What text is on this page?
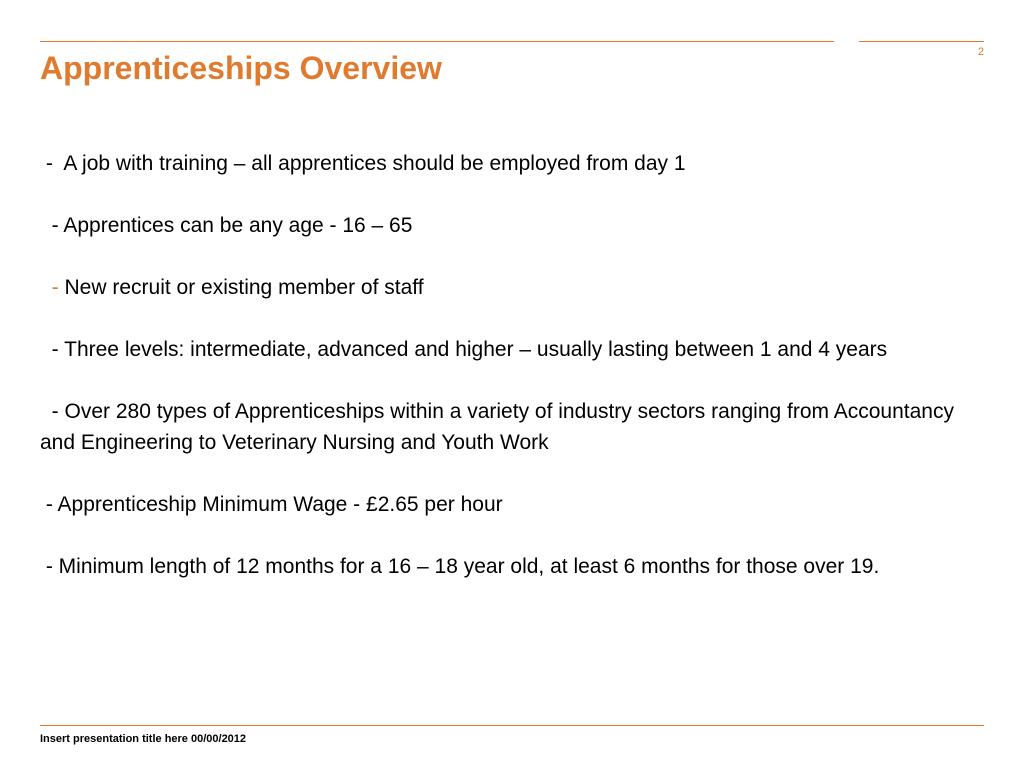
Apprenticeships Overview	2

-  A job with training – all apprentices should be employed from day 1

- Apprentices can be any age - 16 – 65

- New recruit or existing member of staff

- Three levels: intermediate, advanced and higher – usually lasting between 1 and 4 years

- Over 280 types of Apprenticeships within a variety of industry sectors ranging from Accountancy and Engineering to Veterinary Nursing and Youth Work

- Apprenticeship Minimum Wage - £2.65 per hour

- Minimum length of 12 months for a 16 – 18 year old, at least 6 months for those over 19.

Insert presentation title here 00/00/2012
